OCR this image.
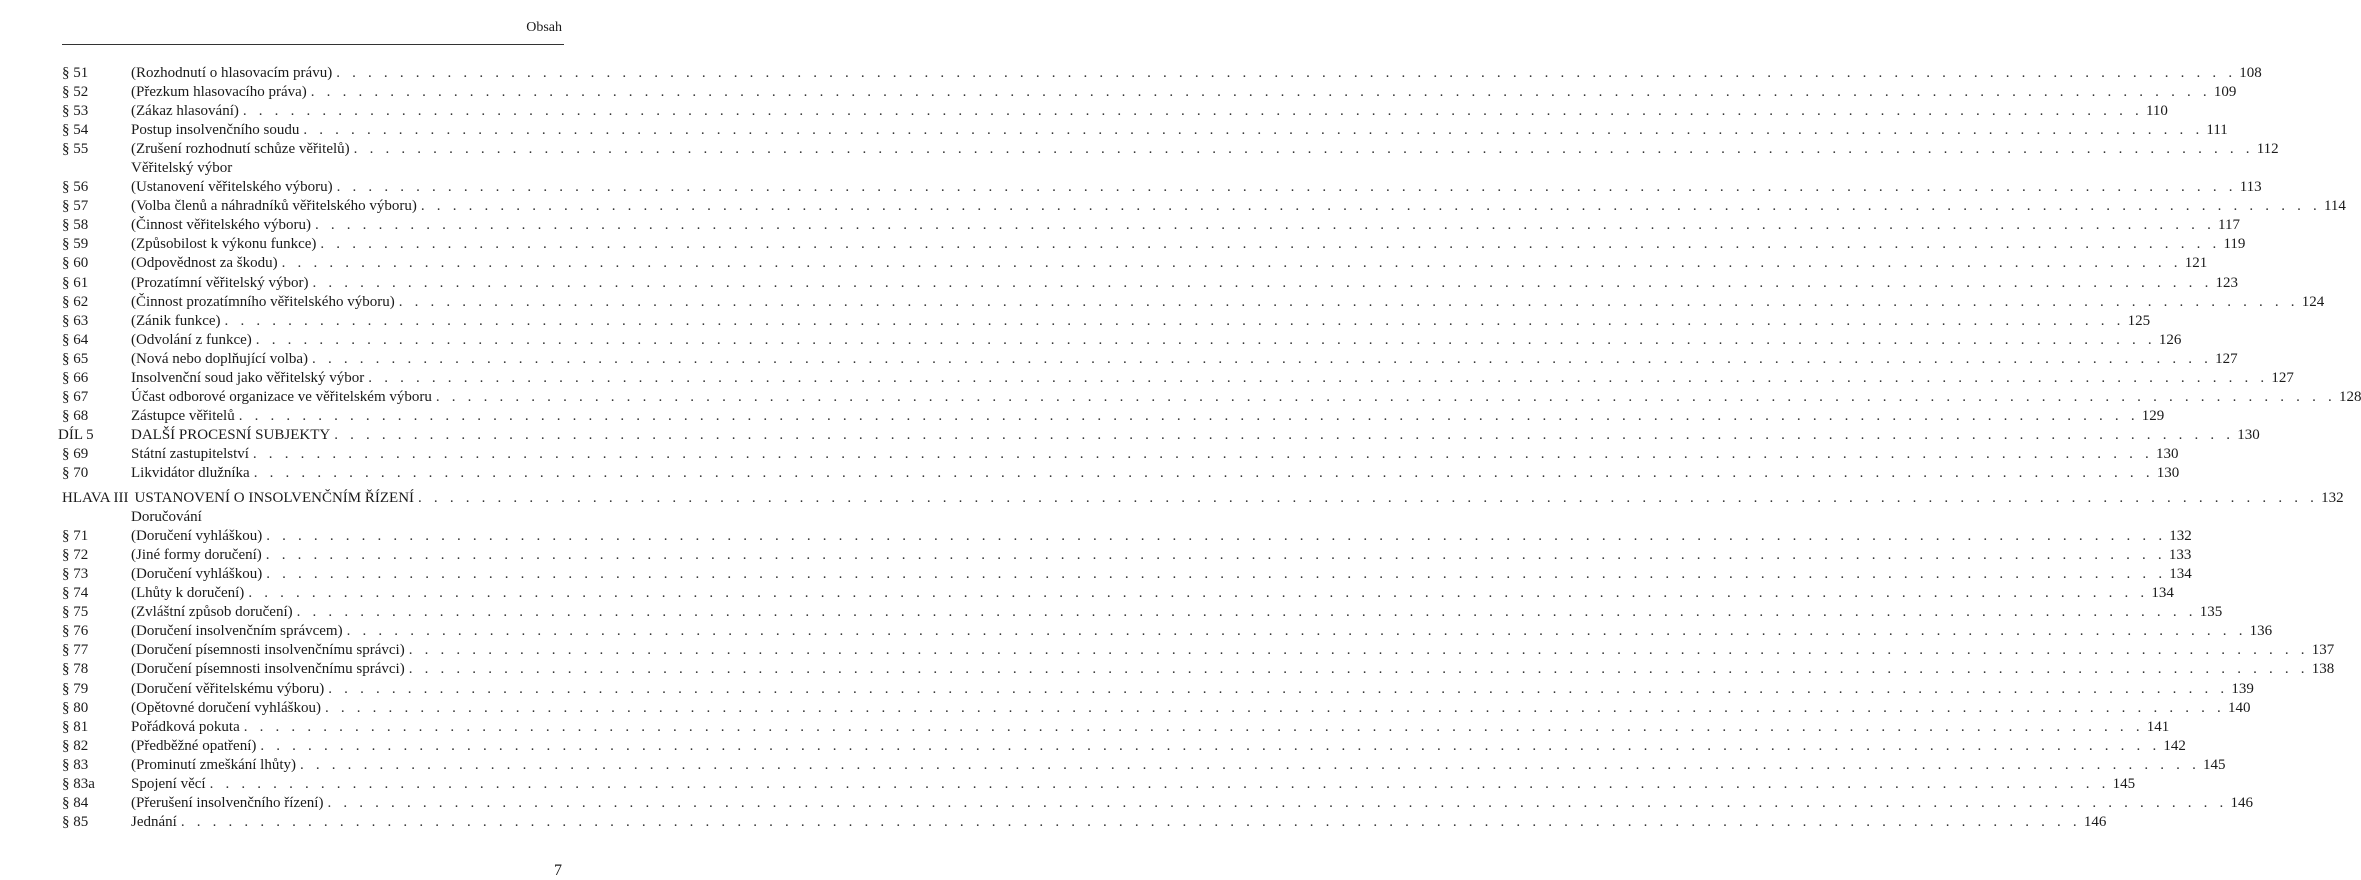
Obsah
§ 51	(Rozhodnutí o hlasovacím právu) . . . . . . . . . . . . . . . . . . . . . . . . . . . . . . . . . . . . . . . . . . . . . . . . . . . . . . . . . . . . . . . . . . . . . . . . . . . . . . . . . . . . . . . . . . . . . . . . . . . . . . . . . . . . . . . . . . . . . . . . 108
§ 52	(Přezkum hlasovacího práva) . . . . . . . . . . . . . . . . . . . . . . . . . . . . . . . . . . . . . . . . . . . . . . . . . . . . . . . . . . . . . . . . . . . . . . . . . . . . . . . . . . . . . . . . . . . . . . . . . . . . . . . . . . . . . . . . . . . . . . . . 109
§ 53	(Zákaz hlasování) . . . . . . . . . . . . . . . . . . . . . . . . . . . . . . . . . . . . . . . . . . . . . . . . . . . . . . . . . . . . . . . . . . . . . . . . . . . . . . . . . . . . . . . . . . . . . . . . . . . . . . . . . . . . . . . . . . . . . . . . 110
§ 54	Postup insolvenčního soudu . . . . . . . . . . . . . . . . . . . . . . . . . . . . . . . . . . . . . . . . . . . . . . . . . . . . . . . . . . . . . . . . . . . . . . . . . . . . . . . . . . . . . . . . . . . . . . . . . . . . . . . . . . . . . . . . . . . . . . . . 111
§ 55	(Zrušení rozhodnutí schůze věřitelů) . . . . . . . . . . . . . . . . . . . . . . . . . . . . . . . . . . . . . . . . . . . . . . . . . . . . . . . . . . . . . . . . . . . . . . . . . . . . . . . . . . . . . . . . . . . . . . . . . . . . . . . . . . . . . . . . . . . . . . . . 112
Věřitelský výbor
§ 56	(Ustanovení věřitelského výboru) . . . . . . . . . . . . . . . . . . . . . . . . . . . . . . . . . . . . . . . . . . . . . . . . . . . . . . . . . . . . . . . . . . . . . . . . . . . . . . . . . . . . . . . . . . . . . . . . . . . . . . . . . . . . . . . . . . . . . . . . 113
§ 57	(Volba členů a náhradníků věřitelského výboru) . . . . . . . . . . . . . . . . . . . . . . . . . . . . . . . . . . . . . . . . . . . . . . . . . . . . . . . . . . . . . . . . . . . . . . . . . . . . . . . . . . . . . . . . . . . . . . . . . . . . . . . . . . . . . . . . . . . . . . . . 114
§ 58	(Činnost věřitelského výboru) . . . . . . . . . . . . . . . . . . . . . . . . . . . . . . . . . . . . . . . . . . . . . . . . . . . . . . . . . . . . . . . . . . . . . . . . . . . . . . . . . . . . . . . . . . . . . . . . . . . . . . . . . . . . . . . . . . . . . . . . 117
§ 59	(Způsobilost k výkonu funkce) . . . . . . . . . . . . . . . . . . . . . . . . . . . . . . . . . . . . . . . . . . . . . . . . . . . . . . . . . . . . . . . . . . . . . . . . . . . . . . . . . . . . . . . . . . . . . . . . . . . . . . . . . . . . . . . . . . . . . . . . 119
§ 60	(Odpovědnost za škodu) . . . . . . . . . . . . . . . . . . . . . . . . . . . . . . . . . . . . . . . . . . . . . . . . . . . . . . . . . . . . . . . . . . . . . . . . . . . . . . . . . . . . . . . . . . . . . . . . . . . . . . . . . . . . . . . . . . . . . . . . 121
§ 61	(Prozatímní věřitelský výbor) . . . . . . . . . . . . . . . . . . . . . . . . . . . . . . . . . . . . . . . . . . . . . . . . . . . . . . . . . . . . . . . . . . . . . . . . . . . . . . . . . . . . . . . . . . . . . . . . . . . . . . . . . . . . . . . . . . . . . . . . 123
§ 62	(Činnost prozatímního věřitelského výboru) . . . . . . . . . . . . . . . . . . . . . . . . . . . . . . . . . . . . . . . . . . . . . . . . . . . . . . . . . . . . . . . . . . . . . . . . . . . . . . . . . . . . . . . . . . . . . . . . . . . . . . . . . . . . . . . . . . . . . . . . 124
§ 63	(Zánik funkce) . . . . . . . . . . . . . . . . . . . . . . . . . . . . . . . . . . . . . . . . . . . . . . . . . . . . . . . . . . . . . . . . . . . . . . . . . . . . . . . . . . . . . . . . . . . . . . . . . . . . . . . . . . . . . . . . . . . . . . . . 125
§ 64	(Odvolání z funkce) . . . . . . . . . . . . . . . . . . . . . . . . . . . . . . . . . . . . . . . . . . . . . . . . . . . . . . . . . . . . . . . . . . . . . . . . . . . . . . . . . . . . . . . . . . . . . . . . . . . . . . . . . . . . . . . . . . . . . . . . 126
§ 65	(Nová nebo doplňující volba) . . . . . . . . . . . . . . . . . . . . . . . . . . . . . . . . . . . . . . . . . . . . . . . . . . . . . . . . . . . . . . . . . . . . . . . . . . . . . . . . . . . . . . . . . . . . . . . . . . . . . . . . . . . . . . . . . . . . . . . . 127
§ 66	Insolvenční soud jako věřitelský výbor . . . . . . . . . . . . . . . . . . . . . . . . . . . . . . . . . . . . . . . . . . . . . . . . . . . . . . . . . . . . . . . . . . . . . . . . . . . . . . . . . . . . . . . . . . . . . . . . . . . . . . . . . . . . . . . . . . . . . . . . 127
§ 67	Účast odborové organizace ve věřitelském výboru . . . . . . . . . . . . . . . . . . . . . . . . . . . . . . . . . . . . . . . . . . . . . . . . . . . . . . . . . . . . . . . . . . . . . . . . . . . . . . . . . . . . . . . . . . . . . . . . . . . . . . . . . . . . . . . . . . . . . . . . 128
§ 68	Zástupce věřitelů . . . . . . . . . . . . . . . . . . . . . . . . . . . . . . . . . . . . . . . . . . . . . . . . . . . . . . . . . . . . . . . . . . . . . . . . . . . . . . . . . . . . . . . . . . . . . . . . . . . . . . . . . . . . . . . . . . . . . . . . 129
DÍL 5 DALŠÍ PROCESNÍ SUBJEKTY . . . . . . . . . . . . . . . . . . . . . . . . . . . . . . . . . . . . . . . . . . . . . . . . . . . . . . . . . . . . . . . . . . . . . . . . . . . . . . . . . . . . . . . . . . . . . . . . . . . . . . . . . . . . . . . . . . . . . . . . 130
§ 69	Státní zastupitelství . . . . . . . . . . . . . . . . . . . . . . . . . . . . . . . . . . . . . . . . . . . . . . . . . . . . . . . . . . . . . . . . . . . . . . . . . . . . . . . . . . . . . . . . . . . . . . . . . . . . . . . . . . . . . . . . . . . . . . . . 130
§ 70	Likvidátor dlužníka . . . . . . . . . . . . . . . . . . . . . . . . . . . . . . . . . . . . . . . . . . . . . . . . . . . . . . . . . . . . . . . . . . . . . . . . . . . . . . . . . . . . . . . . . . . . . . . . . . . . . . . . . . . . . . . . . . . . . . . . 130
HLAVA III USTANOVENÍ O INSOLVENČNÍM ŘÍZENÍ . . . . . . . . . . . . . . . . . . . . . . . . . . . . . . . . . . . . . . . . . . . . . . . . . . . . . . . . . . . . . . . . . . . . . . . . . . . . . . . . . . . . . . . . . . . . . . . . . . . . . . . . . . . . . . . . . . . . . . . . 132
Doručování
§ 71	(Doručení vyhláškou) . . . . . . . . . . . . . . . . . . . . . . . . . . . . . . . . . . . . . . . . . . . . . . . . . . . . . . . . . . . . . . . . . . . . . . . . . . . . . . . . . . . . . . . . . . . . . . . . . . . . . . . . . . . . . . . . . . . . . . . . 132
§ 72	(Jiné formy doručení) . . . . . . . . . . . . . . . . . . . . . . . . . . . . . . . . . . . . . . . . . . . . . . . . . . . . . . . . . . . . . . . . . . . . . . . . . . . . . . . . . . . . . . . . . . . . . . . . . . . . . . . . . . . . . . . . . . . . . . . . 133
§ 73	(Doručení vyhláškou) . . . . . . . . . . . . . . . . . . . . . . . . . . . . . . . . . . . . . . . . . . . . . . . . . . . . . . . . . . . . . . . . . . . . . . . . . . . . . . . . . . . . . . . . . . . . . . . . . . . . . . . . . . . . . . . . . . . . . . . . 134
§ 74	(Lhůty k doručení) . . . . . . . . . . . . . . . . . . . . . . . . . . . . . . . . . . . . . . . . . . . . . . . . . . . . . . . . . . . . . . . . . . . . . . . . . . . . . . . . . . . . . . . . . . . . . . . . . . . . . . . . . . . . . . . . . . . . . . . . 134
§ 75	(Zvláštní způsob doručení) . . . . . . . . . . . . . . . . . . . . . . . . . . . . . . . . . . . . . . . . . . . . . . . . . . . . . . . . . . . . . . . . . . . . . . . . . . . . . . . . . . . . . . . . . . . . . . . . . . . . . . . . . . . . . . . . . . . . . . . . 135
§ 76	(Doručení insolvenčním správcem) . . . . . . . . . . . . . . . . . . . . . . . . . . . . . . . . . . . . . . . . . . . . . . . . . . . . . . . . . . . . . . . . . . . . . . . . . . . . . . . . . . . . . . . . . . . . . . . . . . . . . . . . . . . . . . . . . . . . . . . . 136
§ 77	(Doručení písemnosti insolvenčnímu správci) . . . . . . . . . . . . . . . . . . . . . . . . . . . . . . . . . . . . . . . . . . . . . . . . . . . . . . . . . . . . . . . . . . . . . . . . . . . . . . . . . . . . . . . . . . . . . . . . . . . . . . . . . . . . . . . . . . . . . . . . 137
§ 78	(Doručení písemnosti insolvenčnímu správci) . . . . . . . . . . . . . . . . . . . . . . . . . . . . . . . . . . . . . . . . . . . . . . . . . . . . . . . . . . . . . . . . . . . . . . . . . . . . . . . . . . . . . . . . . . . . . . . . . . . . . . . . . . . . . . . . . . . . . . . . 138
§ 79	(Doručení věřitelskému výboru) . . . . . . . . . . . . . . . . . . . . . . . . . . . . . . . . . . . . . . . . . . . . . . . . . . . . . . . . . . . . . . . . . . . . . . . . . . . . . . . . . . . . . . . . . . . . . . . . . . . . . . . . . . . . . . . . . . . . . . . . 139
§ 80	(Opětovné doručení vyhláškou) . . . . . . . . . . . . . . . . . . . . . . . . . . . . . . . . . . . . . . . . . . . . . . . . . . . . . . . . . . . . . . . . . . . . . . . . . . . . . . . . . . . . . . . . . . . . . . . . . . . . . . . . . . . . . . . . . . . . . . . . 140
§ 81	Pořádková pokuta . . . . . . . . . . . . . . . . . . . . . . . . . . . . . . . . . . . . . . . . . . . . . . . . . . . . . . . . . . . . . . . . . . . . . . . . . . . . . . . . . . . . . . . . . . . . . . . . . . . . . . . . . . . . . . . . . . . . . . . . 141
§ 82	(Předběžné opatření) . . . . . . . . . . . . . . . . . . . . . . . . . . . . . . . . . . . . . . . . . . . . . . . . . . . . . . . . . . . . . . . . . . . . . . . . . . . . . . . . . . . . . . . . . . . . . . . . . . . . . . . . . . . . . . . . . . . . . . . . 142
§ 83	(Prominutí zmeškání lhůty) . . . . . . . . . . . . . . . . . . . . . . . . . . . . . . . . . . . . . . . . . . . . . . . . . . . . . . . . . . . . . . . . . . . . . . . . . . . . . . . . . . . . . . . . . . . . . . . . . . . . . . . . . . . . . . . . . . . . . . . . 145
§ 83a Spojení věcí . . . . . . . . . . . . . . . . . . . . . . . . . . . . . . . . . . . . . . . . . . . . . . . . . . . . . . . . . . . . . . . . . . . . . . . . . . . . . . . . . . . . . . . . . . . . . . . . . . . . . . . . . . . . . . . . . . . . . . . . 145
§ 84	(Přerušení insolvenčního řízení) . . . . . . . . . . . . . . . . . . . . . . . . . . . . . . . . . . . . . . . . . . . . . . . . . . . . . . . . . . . . . . . . . . . . . . . . . . . . . . . . . . . . . . . . . . . . . . . . . . . . . . . . . . . . . . . . . . . . . . . . 146
§ 85	Jednání . . . . . . . . . . . . . . . . . . . . . . . . . . . . . . . . . . . . . . . . . . . . . . . . . . . . . . . . . . . . . . . . . . . . . . . . . . . . . . . . . . . . . . . . . . . . . . . . . . . . . . . . . . . . . . . . . . . . . . . . 146
7
